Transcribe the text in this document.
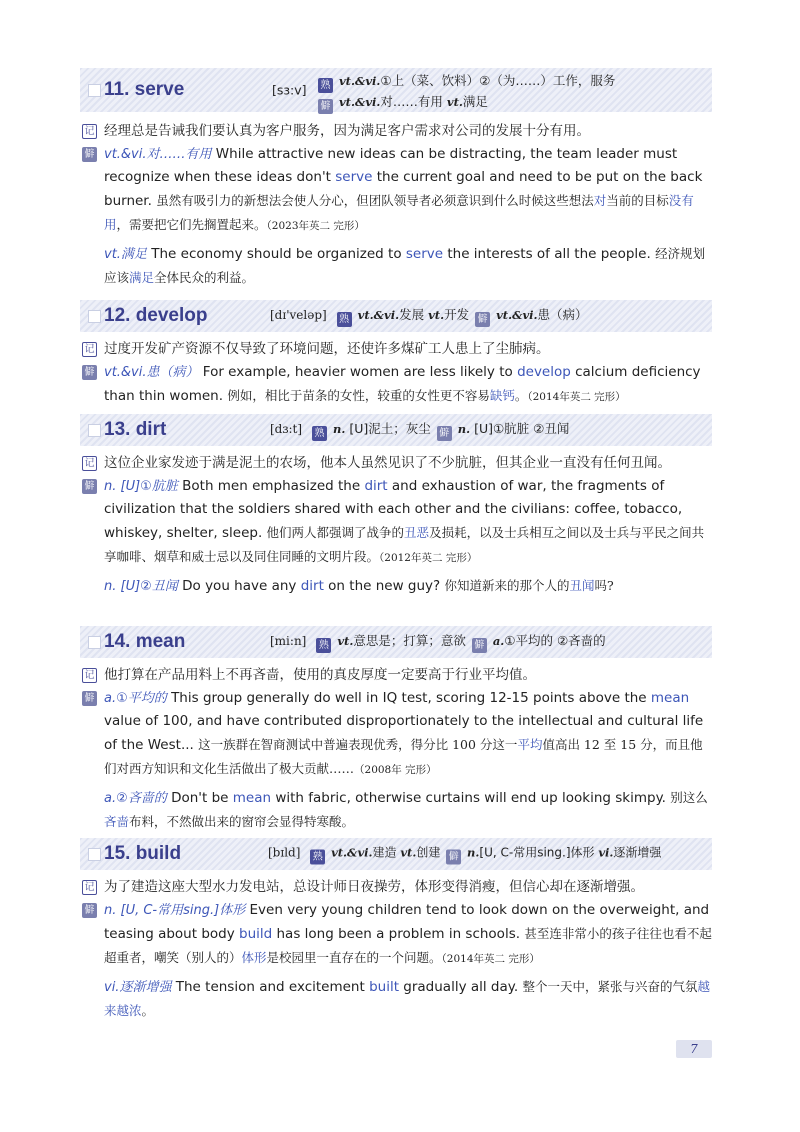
11. serve	[sɜ:v]	熟 vt.&vi.①上（菜、饮料）②（为……）工作，服务
僻 vt.&vi.对……有用 vt.满足
记 经理总是告诫我们要认真为客户服务，因为满足客户需求对公司的发展十分有用。
僻 vt.&vi.对……有用 While attractive new ideas can be distracting, the team leader must recognize when these ideas don't serve the current goal and need to be put on the back burner. 虽然有吸引力的新想法会使人分心，但团队领导者必须意识到什么时候这些想法对当前的目标没有用，需要把它们先搁置起来。（2023年英二 完形）
vt.满足 The economy should be organized to serve the interests of all the people. 经济规划应该满足全体民众的利益。
12. develop	[dɪ'veləp] 熟 vt.&vi.发展 vt.开发 僻 vt.&vi.患（病）
记 过度开发矿产资源不仅导致了环境问题，还使许多煤矿工人患上了尘肺病。
僻 vt.&vi.患（病） For example, heavier women are less likely to develop calcium deficiency than thin women. 例如，相比于苗条的女性，较重的女性更不容易缺钙。（2014年英二 完形）
13. dirt	[dɜ:t] 熟 n. [U]泥土；灰尘 僻 n. [U]①肮脏 ②丑闻
记 这位企业家发迹于满是泥土的农场，他本人虽然见识了不少肮脏，但其企业一直没有任何丑闻。
僻 n. [U]①肮脏 Both men emphasized the dirt and exhaustion of war, the fragments of civilization that the soldiers shared with each other and the civilians: coffee, tobacco, whiskey, shelter, sleep. 他们两人都强调了战争的丑恶及损耗，以及士兵相互之间以及士兵与平民之间共享咖啡、烟草和威士忌以及同住同睡的文明片段。（2012年英二 完形）
n. [U]②丑闻 Do you have any dirt on the new guy? 你知道新来的那个人的丑闻吗?
14. mean	[mi:n] 熟 vt.意思是；打算；意欲 僻 a.①平均的 ②吝啬的
记 他打算在产品用料上不再吝啬，使用的真皮厚度一定要高于行业平均值。
僻 a.①平均的 This group generally do well in IQ test, scoring 12-15 points above the mean value of 100, and have contributed disproportionately to the intellectual and cultural life of the West... 这一族群在智商测试中普遍表现优秀，得分比 100 分这一平均值高出 12 至 15 分，而且他们对西方知识和文化生活做出了极大贡献……（2008年 完形）
a.②吝啬的 Don't be mean with fabric, otherwise curtains will end up looking skimpy. 别这么吝啬布料，不然做出来的窗帘会显得特寒酸。
15. build	[bɪld] 熟 vt.&vi.建造 vt.创建 僻 n.[U, C-常用sing.]体形 vi.逐渐增强
记 为了建造这座大型水力发电站，总设计师日夜操劳，体形变得消瘦，但信心却在逐渐增强。
僻 n. [U, C-常用sing.]体形 Even very young children tend to look down on the overweight, and teasing about body build has long been a problem in schools. 甚至连非常小的孩子往往也看不起超重者，嘲笑（别人的）体形是校园里一直存在的一个问题。（2014年英二 完形）
vi.逐渐增强 The tension and excitement built gradually all day. 整个一天中，紧张与兴奋的气氛越来越浓。
7
